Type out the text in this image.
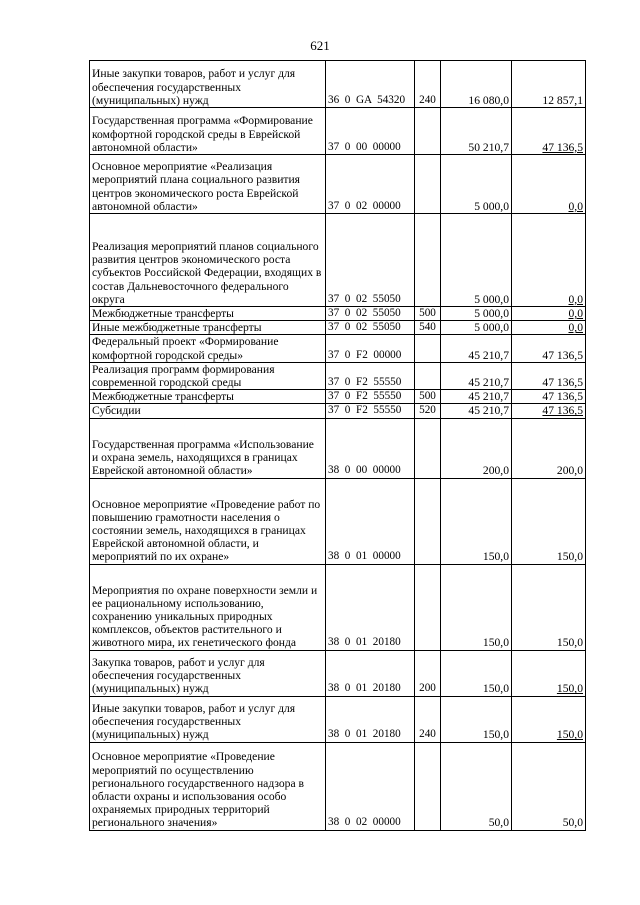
621
Иные закупки товаров, работ и услуг для обеспечения государственных (муниципальных) нужд	36  0  GA  54320	240	16 080,0	12 857,1
Государственная программа «Формирование комфортной городской среды в Еврейской автономной области»	37  0  00  00000		50 210,7	47 136,5
Основное мероприятие «Реализация мероприятий плана социального развития центров экономического роста Еврейской автономной области»	37  0  02  00000		5 000,0	0,0
Реализация мероприятий планов социального развития центров экономического роста субъектов Российской Федерации, входящих в состав Дальневосточного федерального округа	37  0  02  55050		5 000,0	0,0
Межбюджетные трансферты	37  0  02  55050	500	5 000,0	0,0
Иные межбюджетные трансферты	37  0  02  55050	540	5 000,0	0,0
Федеральный проект «Формирование комфортной городской среды»	37  0  F2  00000		45 210,7	47 136,5
Реализация программ формирования современной городской среды	37  0  F2  55550		45 210,7	47 136,5
Межбюджетные трансферты	37  0  F2  55550	500	45 210,7	47 136,5
Субсидии	37  0  F2  55550	520	45 210,7	47 136,5
Государственная программа «Использование и охрана земель, находящихся в границах Еврейской автономной области»	38  0  00  00000		200,0	200,0
Основное мероприятие «Проведение работ по повышению грамотности населения о состоянии земель, находящихся в границах Еврейской автономной области, и мероприятий по их охране»	38  0  01  00000		150,0	150,0
Мероприятия по охране поверхности земли и ее рациональному использованию, сохранению уникальных природных комплексов, объектов растительного и животного мира, их генетического фонда	38  0  01  20180		150,0	150,0
Закупка товаров, работ и услуг для обеспечения государственных (муниципальных) нужд	38  0  01  20180	200	150,0	150,0
Иные закупки товаров, работ и услуг для обеспечения государственных (муниципальных) нужд	38  0  01  20180	240	150,0	150,0
Основное мероприятие «Проведение мероприятий по осуществлению регионального государственного надзора в области охраны и использования особо охраняемых природных территорий регионального значения»	38  0  02  00000		50,0	50,0
